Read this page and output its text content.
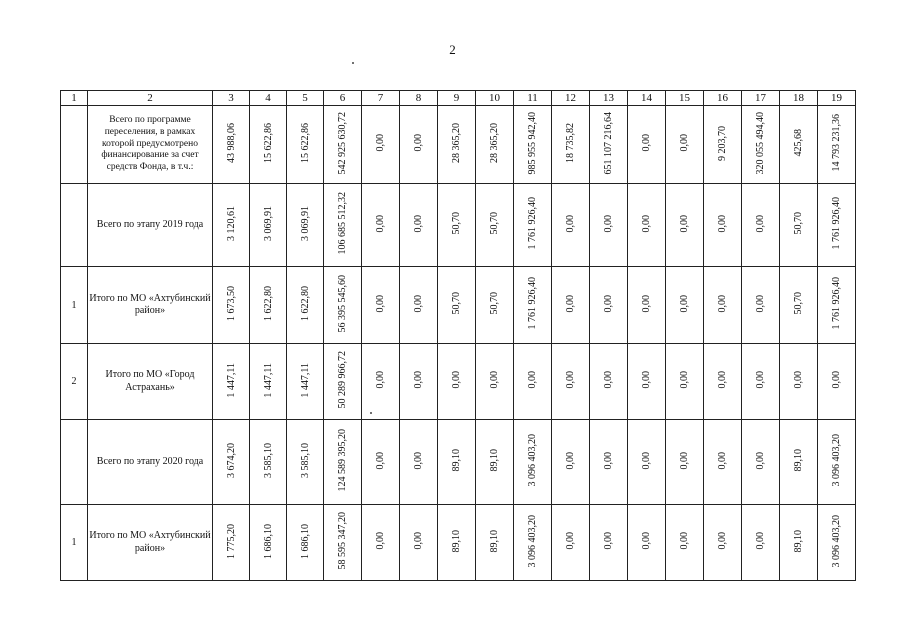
2
1	2	3	4	5	6	7	8	9	10	11	12	13	14	15	16	17	18	19
	Всего по программе переселения, в рамках которой предусмотрено финансирование за счет средств Фонда, в т.ч.:	43 988,06	15 622,86	15 622,86	542 925 630,72	0,00	0,00	28 365,20	28 365,20	985 955 942,40	18 735,82	651 107 216,64	0,00	0,00	9 203,70	320 055 494,40	425,68	14 793 231,36
	Всего по этапу 2019 года	3 120,61	3 069,91	3 069,91	106 685 512,32	0,00	0,00	50,70	50,70	1 761 926,40	0,00	0,00	0,00	0,00	0,00	0,00	50,70	1 761 926,40
1	Итого по МО «Ахтубинский район»	1 673,50	1 622,80	1 622,80	56 395 545,60	0,00	0,00	50,70	50,70	1 761 926,40	0,00	0,00	0,00	0,00	0,00	0,00	50,70	1 761 926,40
2	Итого по МО «Город Астрахань»	1 447,11	1 447,11	1 447,11	50 289 966,72	0,00	0,00	0,00	0,00	0,00	0,00	0,00	0,00	0,00	0,00	0,00	0,00	0,00
	Всего по этапу 2020 года	3 674,20	3 585,10	3 585,10	124 589 395,20	0,00	0,00	89,10	89,10	3 096 403,20	0,00	0,00	0,00	0,00	0,00	0,00	89,10	3 096 403,20
1	Итого по МО «Ахтубинский район»	1 775,20	1 686,10	1 686,10	58 595 347,20	0,00	0,00	89,10	89,10	3 096 403,20	0,00	0,00	0,00	0,00	0,00	0,00	89,10	3 096 403,20
